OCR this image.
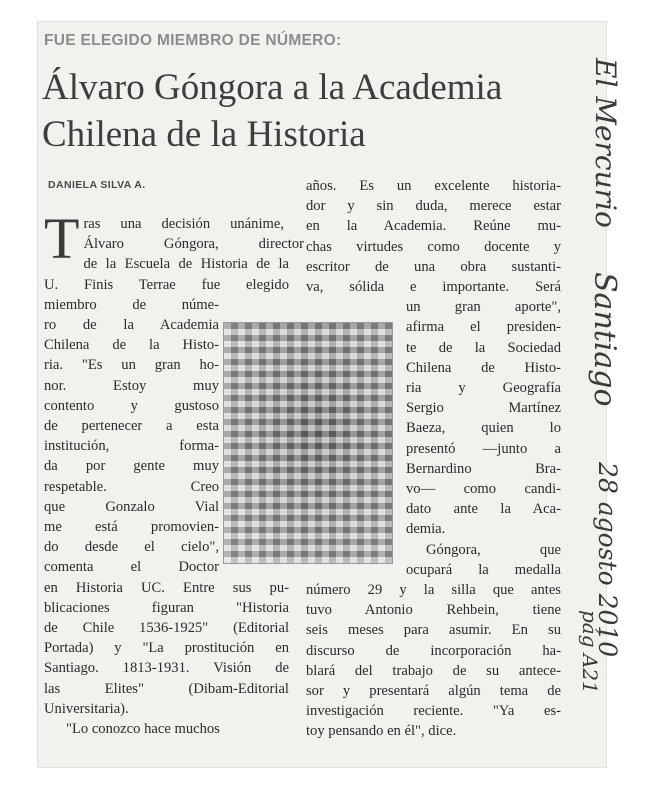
FUE ELEGIDO MIEMBRO DE NÚMERO:
Álvaro Góngora a la Academia
Chilena de la Historia
DANIELA SILVA A.
T ras una decisión unánime,
Álvaro Góngora, director
de la Escuela de Historia de la
U. Finis Terrae fue elegido
miembro de núme-
ro de la Academia
Chilena de la Histo-
ria. "Es un gran ho-
nor. Estoy muy
contento y gustoso
de pertenecer a esta
institución, forma-
da por gente muy
respetable. Creo
que Gonzalo Vial
me está promovien-
do desde el cielo",
comenta el Doctor
en Historia UC. Entre sus pu-
blicaciones figuran "Historia
de Chile 1536-1925" (Editorial
Portada) y "La prostitución en
Santiago. 1813-1931. Visión de
las Elites" (Dibam-Editorial
Universitaria).
"Lo conozco hace muchos
años. Es un excelente historia-
dor y sin duda, merece estar
en la Academia. Reúne mu-
chas virtudes como docente y
escritor de una obra sustanti-
va, sólida e importante. Será
un gran aporte",
afirma el presiden-
te de la Sociedad
Chilena de Histo-
ria y Geografía
Sergio Martínez
Baeza, quien lo
presentó —junto a
Bernardino Bra-
vo— como candi-
dato ante la Aca-
demia.
Góngora, que
ocupará la medalla
número 29 y la silla que antes
tuvo Antonio Rehbein, tiene
seis meses para asumir. En su
discurso de incorporación ha-
blará del trabajo de su antece-
sor y presentará algún tema de
investigación reciente. "Ya es-
toy pensando en él", dice.
El Mercurio
Santiago
28 agosto 2010
pág A21
